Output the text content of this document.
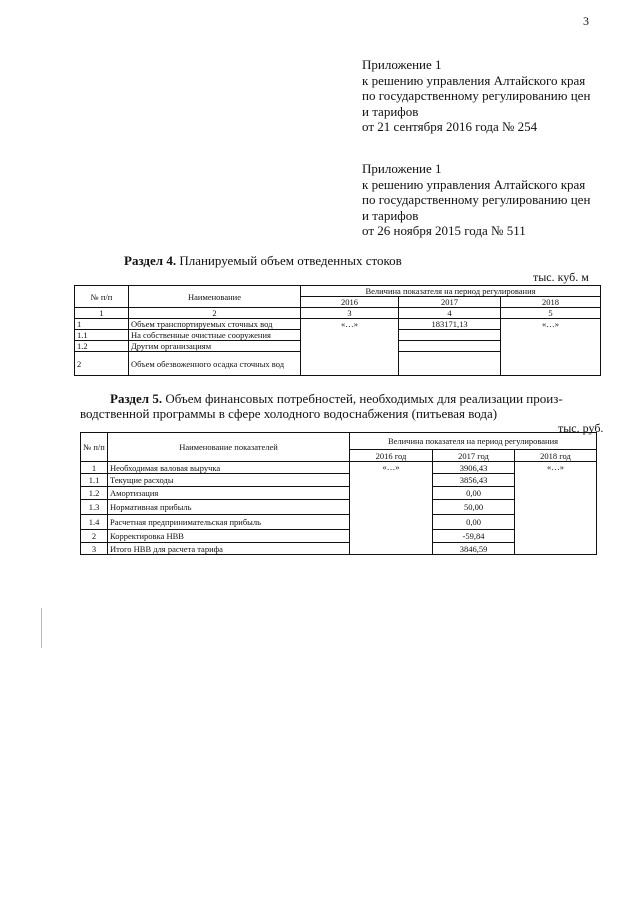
3
Приложение 1
к решению управления Алтайского края
по государственному регулированию цен
и тарифов
от 21 сентября 2016 года № 254
Приложение 1
к решению управления Алтайского края
по государственному регулированию цен
и тарифов
от 26 ноября 2015 года № 511
Раздел 4. Планируемый объем отведенных стоков
тыс. куб. м
№ п/п	Наименование	Величина показателя на период регулирования		
		2016	2017	2018
1	2	3	4	5
1	Объем транспортируемых сточных вод	«…»	183171,13	«…»
1.1	На собственные очистные сооружения			
1.2	Другим организациям			
2	Объем обезвоженного осадка сточных вод			
Раздел 5. Объем финансовых потребностей, необходимых для реализации произ-
водственной программы в сфере холодного водоснабжения (питьевая вода)
тыс. руб.
№ п/п	Наименование показателей	Величина показателя на период регулирования		
		2016 год	2017 год	2018 год
1	Необходимая валовая выручка	«…»	3906,43	«…»
1.1	Текущие расходы		3856,43	
1.2	Амортизация		0,00	
1.3	Нормативная прибыль		50,00	
1.4	Расчетная предпринимательская прибыль		0,00	
2	Корректировка НВВ		-59,84	
3	Итого НВВ для расчета тарифа		3846,59	
